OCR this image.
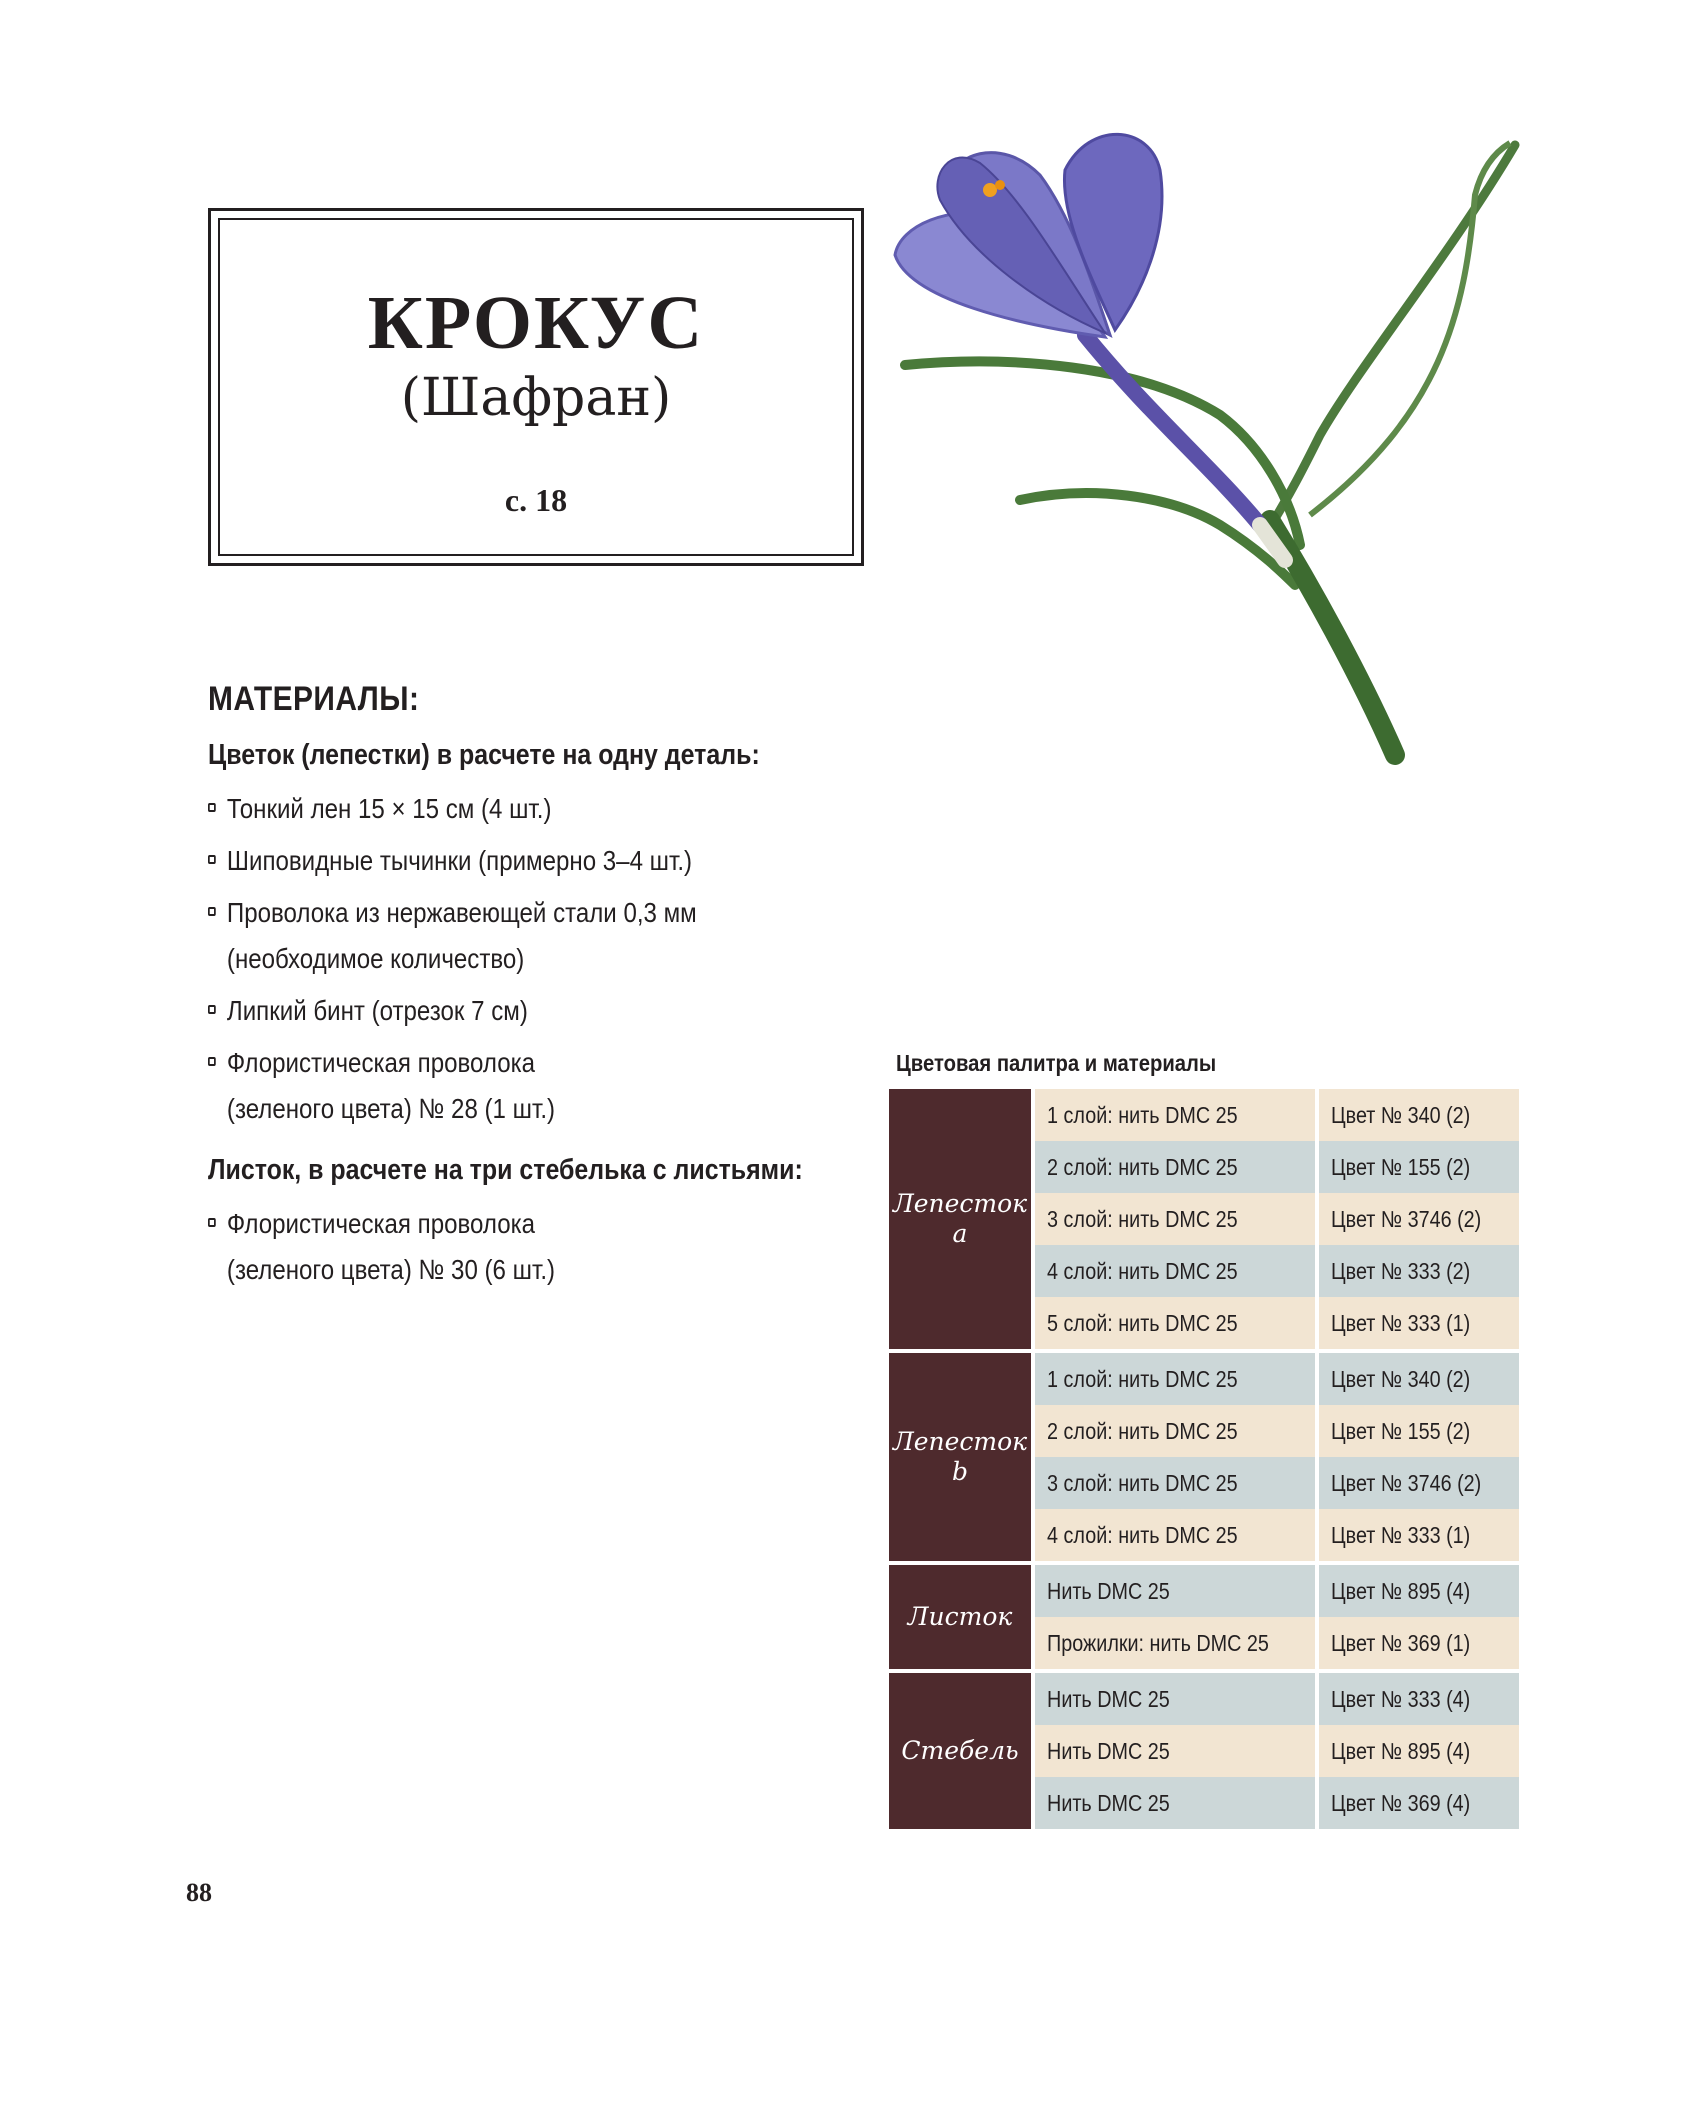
КРОКУС
(Шафран)
с. 18
МАТЕРИАЛЫ:
Цветок (лепестки) в расчете на одну деталь:
Тонкий лен 15 × 15 см (4 шт.)
Шиповидные тычинки (примерно 3–4 шт.)
Проволока из нержавеющей стали 0,3 мм
(необходимое количество)
Липкий бинт (отрезок 7 см)
Флористическая проволока
(зеленого цвета) № 28 (1 шт.)
Листок, в расчете на три стебелька с листьями:
Флористическая проволока
(зеленого цвета) № 30 (6 шт.)
Цветовая палитра и материалы
Лепесток
a	1 слой: нить DMC 25	Цвет № 340 (2)
	2 слой: нить DMC 25	Цвет № 155 (2)
	3 слой: нить DMC 25	Цвет № 3746 (2)
	4 слой: нить DMC 25	Цвет № 333 (2)
	5 слой: нить DMC 25	Цвет № 333 (1)
Лепесток
b	1 слой: нить DMC 25	Цвет № 340 (2)
	2 слой: нить DMC 25	Цвет № 155 (2)
	3 слой: нить DMC 25	Цвет № 3746 (2)
	4 слой: нить DMC 25	Цвет № 333 (1)
Листок	Нить DMC 25	Цвет № 895 (4)
	Прожилки: нить DMC 25	Цвет № 369 (1)
Стебель	Нить DMC 25	Цвет № 333 (4)
	Нить DMC 25	Цвет № 895 (4)
	Нить DMC 25	Цвет № 369 (4)
88
